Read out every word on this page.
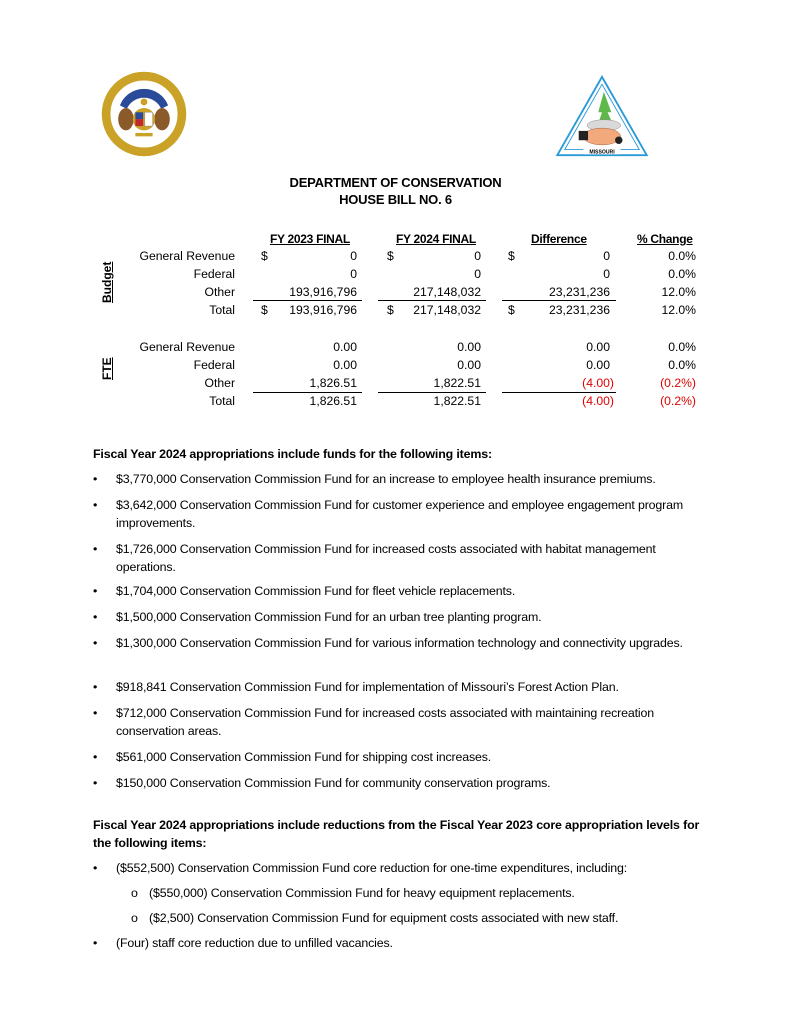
MISSOURI
DEPARTMENT OF CONSERVATION
HOUSE BILL NO. 6
FY 2023 FINAL	FY 2024 FINAL	Difference	% Change
Budget
General Revenue $	0 $	0 $	0	0.0%
Federal	0	0	0	0.0%
Other	193,916,796	217,148,032	23,231,236	12.0%
Total $	193,916,796 $	217,148,032 $	23,231,236	12.0%
FTE
General Revenue	0.00	0.00	0.00	0.0%
Federal	0.00	0.00	0.00	0.0%
Other	1,826.51	1,822.51	(4.00)	(0.2%)
Total	1,826.51	1,822.51	(4.00)	(0.2%)
Fiscal Year 2024 appropriations include funds for the following items:
•	$3,770,000 Conservation Commission Fund for an increase to employee health insurance premiums.
•	$3,642,000 Conservation Commission Fund for customer experience and employee engagement program improvements.
•	$1,726,000 Conservation Commission Fund for increased costs associated with habitat management operations.
•	$1,704,000 Conservation Commission Fund for fleet vehicle replacements.
•	$1,500,000 Conservation Commission Fund for an urban tree planting program.
•	$1,300,000 Conservation Commission Fund for various information technology and connectivity upgrades.
•	$918,841 Conservation Commission Fund for implementation of Missouri’s Forest Action Plan.
•	$712,000 Conservation Commission Fund for increased costs associated with maintaining recreation conservation areas.
•	$561,000 Conservation Commission Fund for shipping cost increases.
•	$150,000 Conservation Commission Fund for community conservation programs.
Fiscal Year 2024 appropriations include reductions from the Fiscal Year 2023 core appropriation levels for the following items:
•	($552,500) Conservation Commission Fund core reduction for one-time expenditures, including:
o ($550,000) Conservation Commission Fund for heavy equipment replacements.
o ($2,500) Conservation Commission Fund for equipment costs associated with new staff.
•	(Four) staff core reduction due to unfilled vacancies.
